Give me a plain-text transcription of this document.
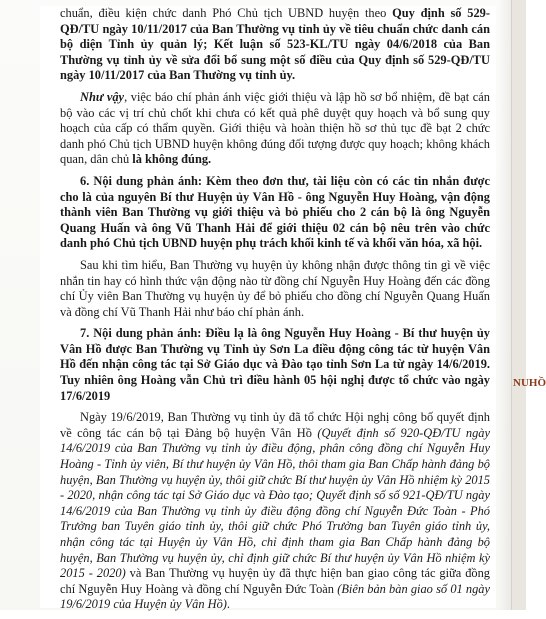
chuẩn, điều kiện chức danh Phó Chủ tịch UBND huyện theo Quy định số 529-QĐ/TU ngày 10/11/2017 của Ban Thường vụ tỉnh ủy về tiêu chuẩn chức danh cán bộ diện Tỉnh ủy quản lý; Kết luận số 523-KL/TU ngày 04/6/2018 của Ban Thường vụ tỉnh ủy về sửa đổi bổ sung một số điều của Quy định số 529-QĐ/TU ngày 10/11/2017 của Ban Thường vụ tỉnh ủy.

Như vậy, việc báo chí phản ánh việc giới thiệu và lập hồ sơ bổ nhiệm, đề bạt cán bộ vào các vị trí chủ chốt khi chưa có kết quả phê duyệt quy hoạch và bổ sung quy hoạch của cấp có thẩm quyền. Giới thiệu và hoàn thiện hồ sơ thủ tục đề bạt 2 chức danh phó Chủ tịch UBND huyện không đúng đối tượng được quy hoạch; không khách quan, dân chủ là không đúng.

6. Nội dung phản ánh: Kèm theo đơn thư, tài liệu còn có các tin nhắn được cho là của nguyên Bí thư Huyện ủy Vân Hồ - ông Nguyễn Huy Hoàng, vận động thành viên Ban Thường vụ giới thiệu và bỏ phiếu cho 2 cán bộ là ông Nguyễn Quang Huấn và ông Vũ Thanh Hải để giới thiệu 02 cán bộ nêu trên vào chức danh phó Chủ tịch UBND huyện phụ trách khối kinh tế và khối văn hóa, xã hội.

Sau khi tìm hiểu, Ban Thường vụ huyện ủy không nhận được thông tin gì về việc nhắn tin hay có hình thức vận động nào từ đồng chí Nguyễn Huy Hoàng đến các đồng chí Ủy viên Ban Thường vụ huyện ủy để bỏ phiếu cho đồng chí Nguyễn Quang Huấn và đồng chí Vũ Thanh Hải như báo chí phản ánh.

7. Nội dung phản ánh: Điều lạ là ông Nguyễn Huy Hoàng - Bí thư huyện ủy Vân Hồ được Ban Thường vụ Tỉnh ủy Sơn La điều động công tác từ huyện Vân Hồ đến nhận công tác tại Sở Giáo dục và Đào tạo tỉnh Sơn La từ ngày 14/6/2019. Tuy nhiên ông Hoàng vẫn Chủ trì điều hành 05 hội nghị được tổ chức vào ngày 17/6/2019

Ngày 19/6/2019, Ban Thường vụ tỉnh ủy đã tổ chức Hội nghị công bố quyết định về công tác cán bộ tại Đảng bộ huyện Vân Hồ (Quyết định số 920-QĐ/TU ngày 14/6/2019 của Ban Thường vụ tỉnh ủy điều động, phân công đồng chí Nguyễn Huy Hoàng - Tỉnh ủy viên, Bí thư huyện ủy Vân Hồ, thôi tham gia Ban Chấp hành đảng bộ huyện, Ban Thường vụ huyện ủy, thôi giữ chức Bí thư huyện ủy Vân Hồ nhiệm kỳ 2015 - 2020, nhận công tác tại Sở Giáo dục và Đào tạo; Quyết định số số 921-QĐ/TU ngày 14/6/2019 của Ban Thường vụ tỉnh ủy điều động đồng chí Nguyễn Đức Toàn - Phó Trưởng ban Tuyên giáo tỉnh ủy, thôi giữ chức Phó Trưởng ban Tuyên giáo tỉnh ủy, nhận công tác tại Huyện ủy Vân Hồ, chỉ định tham gia Ban Chấp hành đảng bộ huyện, Ban Thường vụ huyện ủy, chỉ định giữ chức Bí thư huyện ủy Vân Hồ nhiệm kỳ 2015 - 2020) và Ban Thường vụ huyện ủy đã thực hiện ban giao công tác giữa đồng chí Nguyễn Huy Hoàng và đồng chí Nguyễn Đức Toàn (Biên bản bàn giao số 01 ngày 19/6/2019 của Huyện ủy Vân Hồ).

NUHỒ
